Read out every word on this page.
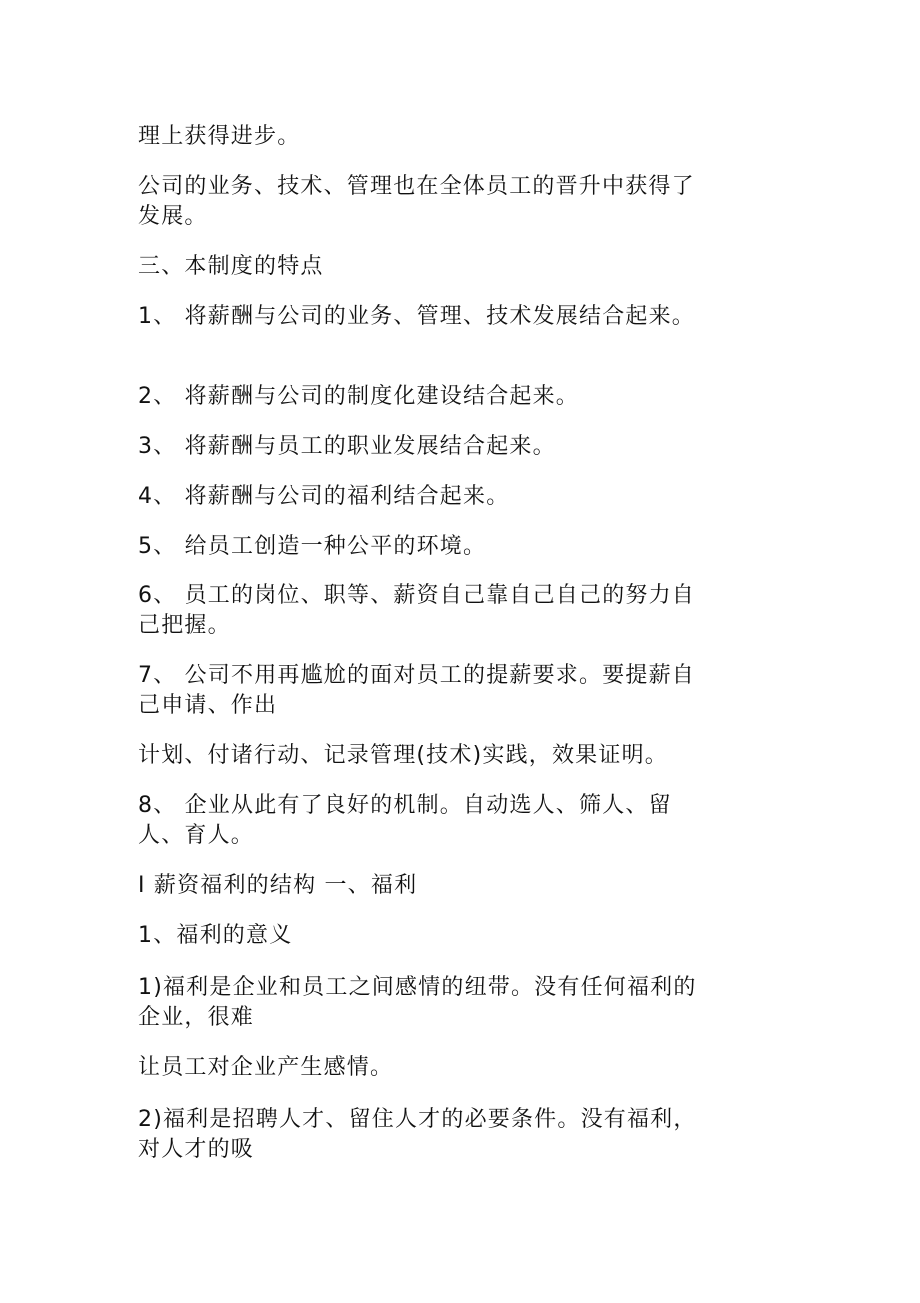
理上获得进步。

公司的业务、技术、管理也在全体员工的晋升中获得了发展。

三、本制度的特点

1、 将薪酬与公司的业务、管理、技术发展结合起来。

2、 将薪酬与公司的制度化建设结合起来。

3、 将薪酬与员工的职业发展结合起来。

4、 将薪酬与公司的福利结合起来。

5、 给员工创造一种公平的环境。

6、 员工的岗位、职等、薪资自己靠自己自己的努力自己把握。

7、 公司不用再尴尬的面对员工的提薪要求。要提薪自己申请、作出

计划、付诸行动、记录管理(技术)实践，效果证明。

8、 企业从此有了良好的机制。自动选人、筛人、留人、育人。

I 薪资福利的结构 一、福利

1、福利的意义

1)福利是企业和员工之间感情的纽带。没有任何福利的企业，很难

让员工对企业产生感情。

2)福利是招聘人才、留住人才的必要条件。没有福利，对人才的吸
